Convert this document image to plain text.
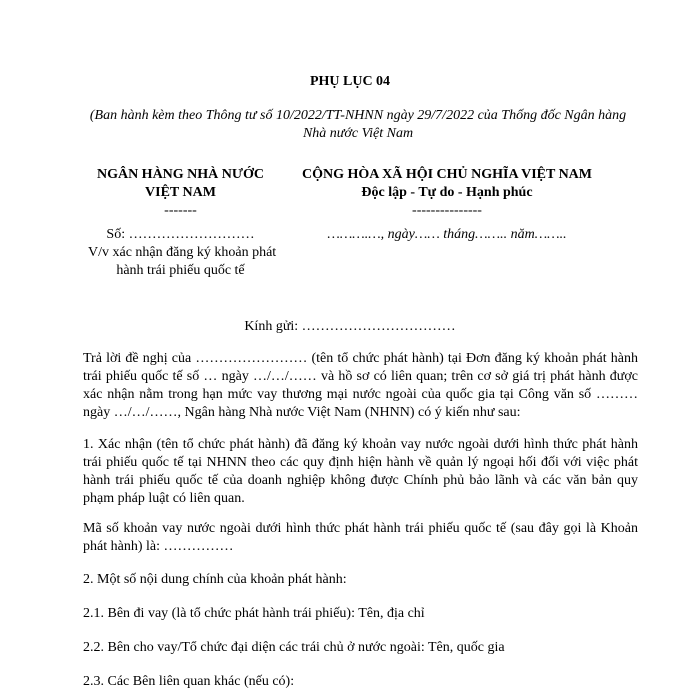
PHỤ LỤC 04
(Ban hành kèm theo Thông tư số 10/2022/TT-NHNN ngày 29/7/2022 của Thống đốc Ngân hàng
Nhà nước Việt Nam
NGÂN HÀNG NHÀ NƯỚC
VIỆT NAM
-------
Số: ………………………
V/v xác nhận đăng ký khoản phát
hành trái phiếu quốc tế
CỘNG HÒA XÃ HỘI CHỦ NGHĨA VIỆT NAM
Độc lập - Tự do - Hạnh phúc
---------------
……….…, ngày…… tháng…….. năm……..
Kính gửi: ……………………………
Trả lời đề nghị của …………………… (tên tổ chức phát hành) tại Đơn đăng ký khoản phát hành
trái phiếu quốc tế số … ngày …/…/…… và hồ sơ có liên quan; trên cơ sở giá trị phát hành được
xác nhận nằm trong hạn mức vay thương mại nước ngoài của quốc gia tại Công văn số ………
ngày …/…/……, Ngân hàng Nhà nước Việt Nam (NHNN) có ý kiến như sau:
1. Xác nhận (tên tổ chức phát hành) đã đăng ký khoản vay nước ngoài dưới hình thức phát hành
trái phiếu quốc tế tại NHNN theo các quy định hiện hành về quản lý ngoại hối đối với việc phát
hành trái phiếu quốc tế của doanh nghiệp không được Chính phủ bảo lãnh và các văn bản quy
phạm pháp luật có liên quan.
Mã số khoản vay nước ngoài dưới hình thức phát hành trái phiếu quốc tế (sau đây gọi là Khoản
phát hành) là: ……………
2. Một số nội dung chính của khoản phát hành:
2.1. Bên đi vay (là tổ chức phát hành trái phiếu): Tên, địa chỉ
2.2. Bên cho vay/Tổ chức đại diện các trái chủ ở nước ngoài: Tên, quốc gia
2.3. Các Bên liên quan khác (nếu có):
